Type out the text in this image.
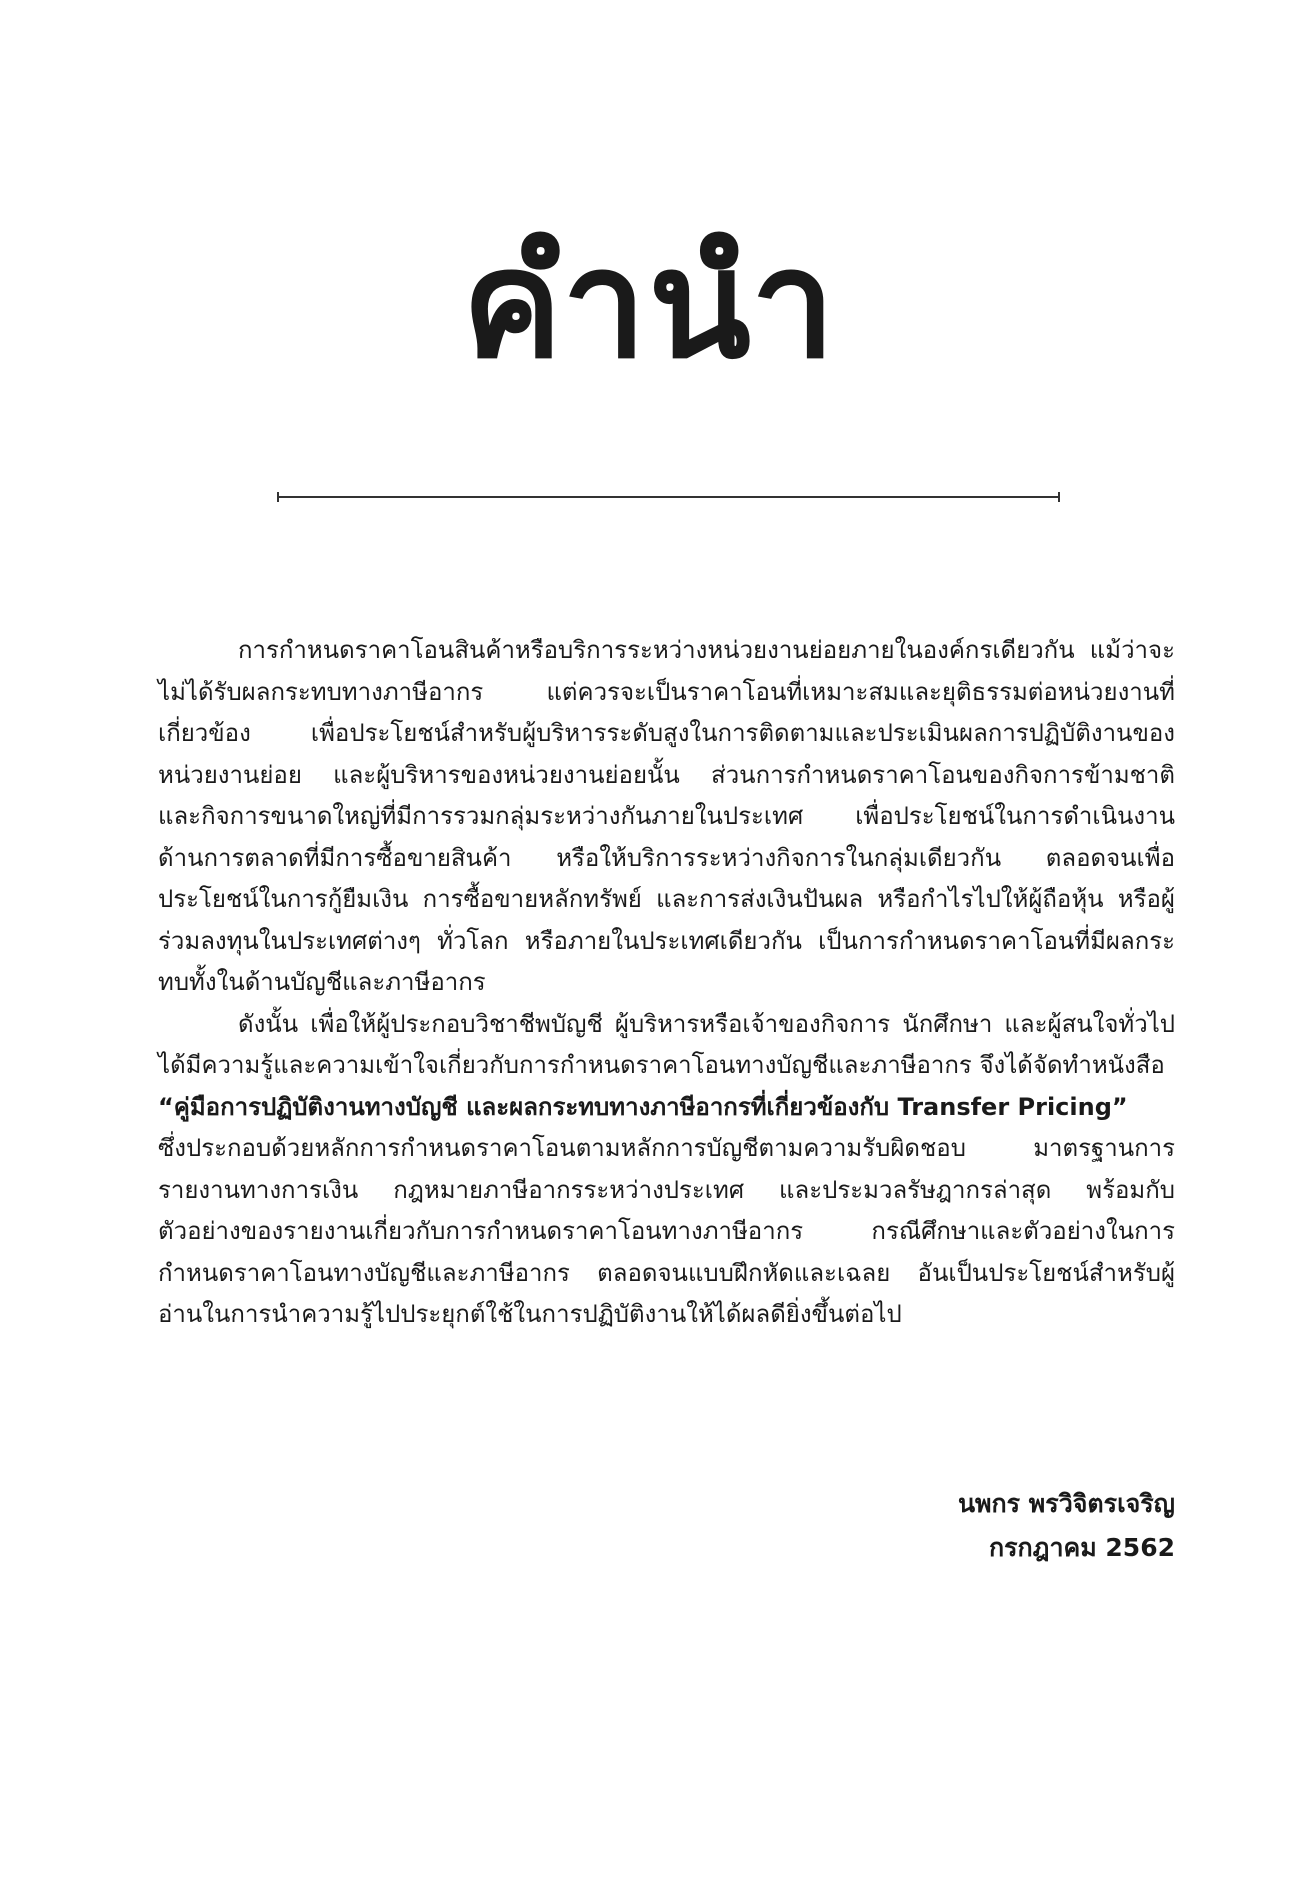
คำนำ

การกำหนดราคาโอนสินค้าหรือบริการระหว่างหน่วยงานย่อยภายในองค์กรเดียวกัน แม้ว่าจะไม่ได้รับผลกระทบทางภาษีอากร แต่ควรจะเป็นราคาโอนที่เหมาะสมและยุติธรรมต่อหน่วยงานที่เกี่ยวข้อง เพื่อประโยชน์สำหรับผู้บริหารระดับสูงในการติดตามและประเมินผลการปฏิบัติงานของหน่วยงานย่อย และผู้บริหารของหน่วยงานย่อยนั้น ส่วนการกำหนดราคาโอนของกิจการข้ามชาติ และกิจการขนาดใหญ่ที่มีการรวมกลุ่มระหว่างกันภายในประเทศ เพื่อประโยชน์ในการดำเนินงานด้านการตลาดที่มีการซื้อขายสินค้า หรือให้บริการระหว่างกิจการในกลุ่มเดียวกัน ตลอดจนเพื่อประโยชน์ในการกู้ยืมเงิน การซื้อขายหลักทรัพย์ และการส่งเงินปันผล หรือกำไรไปให้ผู้ถือหุ้น หรือผู้ร่วมลงทุนในประเทศต่างๆ ทั่วโลก หรือภายในประเทศเดียวกัน เป็นการกำหนดราคาโอนที่มีผลกระทบทั้งในด้านบัญชีและภาษีอากร

ดังนั้น เพื่อให้ผู้ประกอบวิชาชีพบัญชี ผู้บริหารหรือเจ้าของกิจการ นักศึกษา และผู้สนใจทั่วไปได้มีความรู้และความเข้าใจเกี่ยวกับการกำหนดราคาโอนทางบัญชีและภาษีอากร จึงได้จัดทำหนังสือ
“คู่มือการปฏิบัติงานทางบัญชี และผลกระทบทางภาษีอากรที่เกี่ยวข้องกับ Transfer Pricing”
ซึ่งประกอบด้วยหลักการกำหนดราคาโอนตามหลักการบัญชีตามความรับผิดชอบ มาตรฐานการรายงานทางการเงิน กฎหมายภาษีอากรระหว่างประเทศ และประมวลรัษฎากรล่าสุด พร้อมกับตัวอย่างของรายงานเกี่ยวกับการกำหนดราคาโอนทางภาษีอากร กรณีศึกษาและตัวอย่างในการกำหนดราคาโอนทางบัญชีและภาษีอากร ตลอดจนแบบฝึกหัดและเฉลย อันเป็นประโยชน์สำหรับผู้อ่านในการนำความรู้ไปประยุกต์ใช้ในการปฏิบัติงานให้ได้ผลดียิ่งขึ้นต่อไป

นพกร พรวิจิตรเจริญ
กรกฎาคม 2562
